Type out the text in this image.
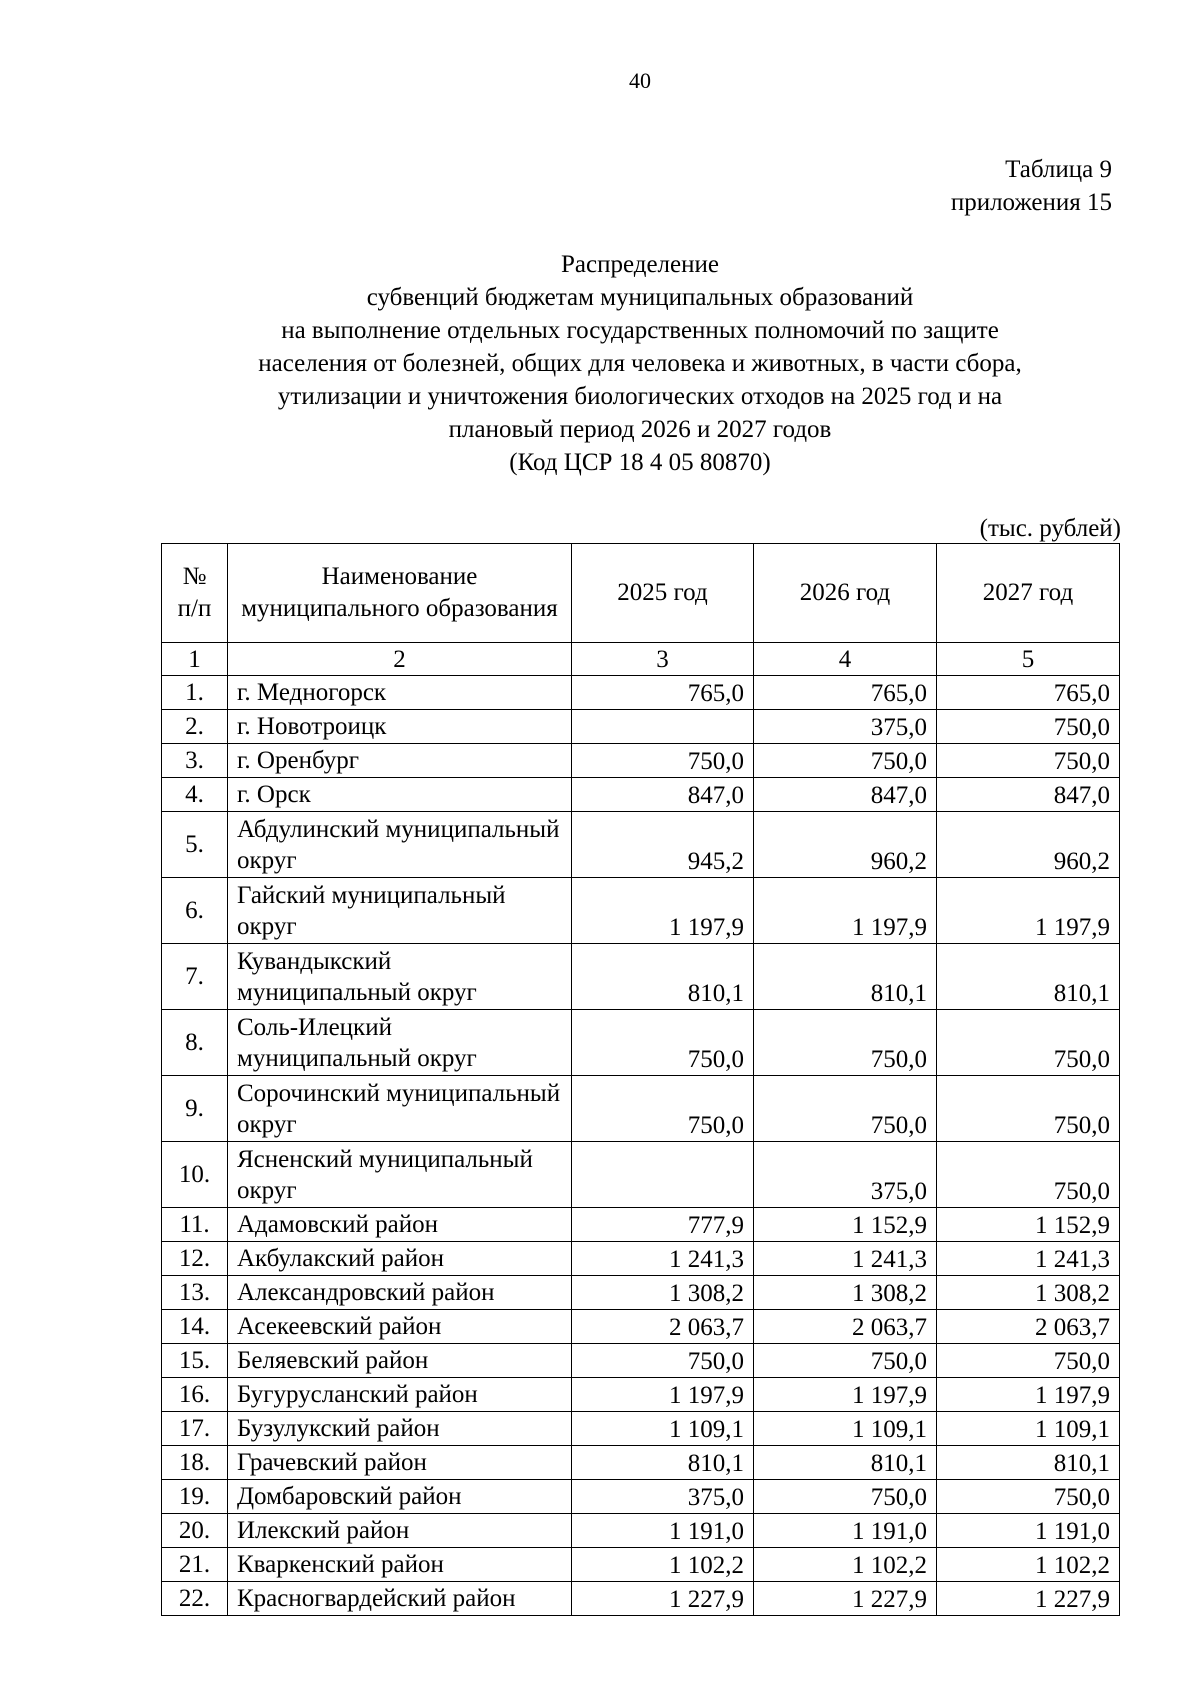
40
Таблица 9
приложения 15
Распределение
субвенций бюджетам муниципальных образований
на выполнение отдельных государственных полномочий по защите
населения от болезней, общих для человека и животных, в части сбора,
утилизации и уничтожения биологических отходов на 2025 год и на
плановый период 2026 и 2027 годов
(Код ЦСР 18 4 05 80870)
(тыс. рублей)
№ п/п	Наименование муниципального образования	2025 год	2026 год	2027 год
1	2	3	4	5
1.	г. Медногорск	765,0	765,0	765,0
2.	г. Новотроицк		375,0	750,0
3.	г. Оренбург	750,0	750,0	750,0
4.	г. Орск	847,0	847,0	847,0
5.	Абдулинский муниципальный округ	945,2	960,2	960,2
6.	Гайский муниципальный округ	1 197,9	1 197,9	1 197,9
7.	Кувандыкский муниципальный округ	810,1	810,1	810,1
8.	Соль-Илецкий муниципальный округ	750,0	750,0	750,0
9.	Сорочинский муниципальный округ	750,0	750,0	750,0
10.	Ясненский муниципальный округ		375,0	750,0
11.	Адамовский район	777,9	1 152,9	1 152,9
12.	Акбулакский район	1 241,3	1 241,3	1 241,3
13.	Александровский район	1 308,2	1 308,2	1 308,2
14.	Асекеевский район	2 063,7	2 063,7	2 063,7
15.	Беляевский район	750,0	750,0	750,0
16.	Бугурусланский район	1 197,9	1 197,9	1 197,9
17.	Бузулукский район	1 109,1	1 109,1	1 109,1
18.	Грачевский район	810,1	810,1	810,1
19.	Домбаровский район	375,0	750,0	750,0
20.	Илекский район	1 191,0	1 191,0	1 191,0
21.	Кваркенский район	1 102,2	1 102,2	1 102,2
22.	Красногвардейский район	1 227,9	1 227,9	1 227,9
